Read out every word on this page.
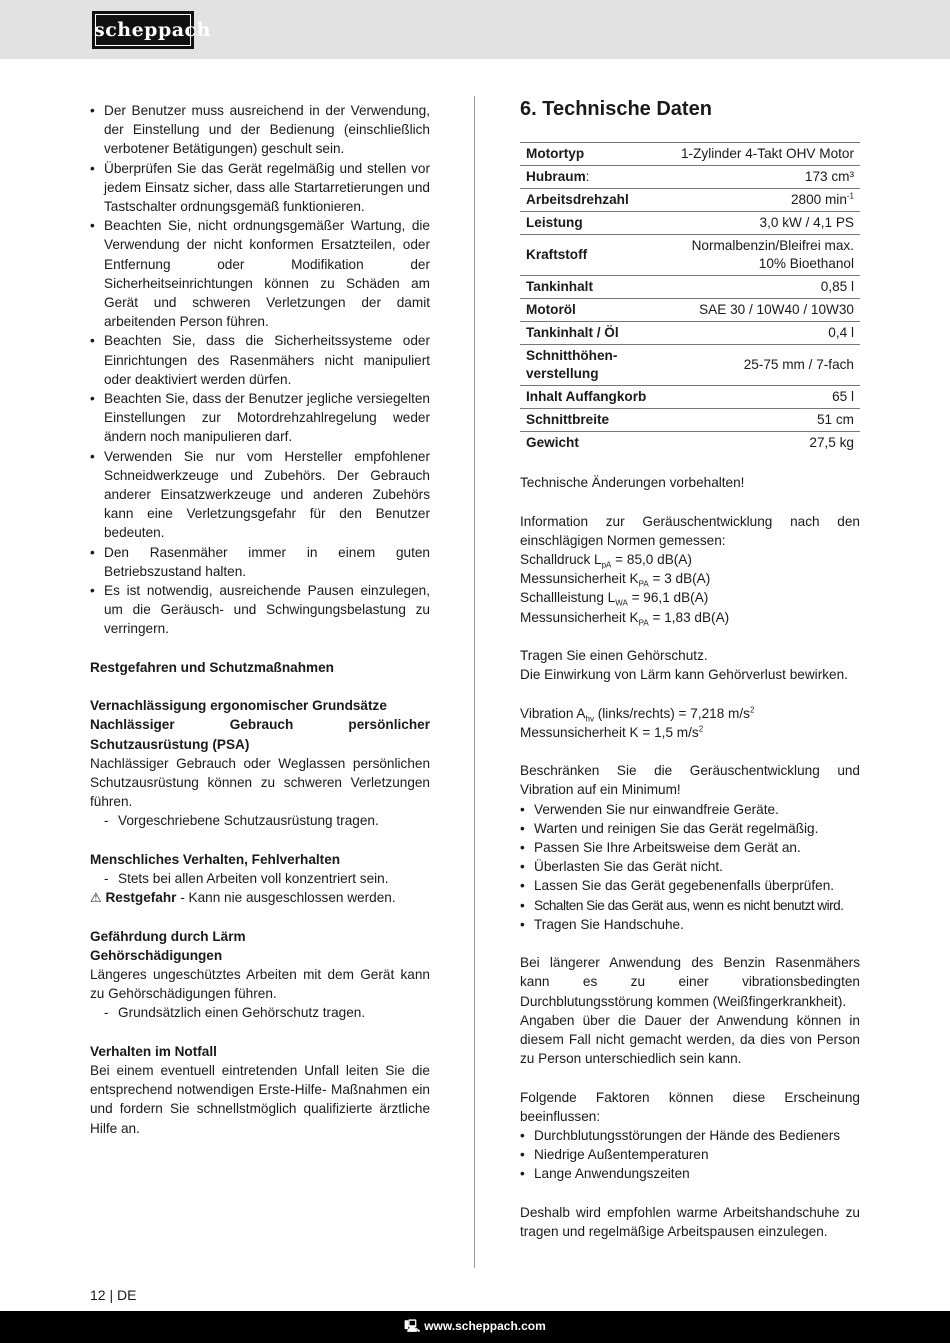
scheppach
• Der Benutzer muss ausreichend in der Verwendung, der Einstellung und der Bedienung (einschließlich verbotener Betätigungen) geschult sein.
• Überprüfen Sie das Gerät regelmäßig und stellen vor jedem Einsatz sicher, dass alle Startarretierungen und Tastschalter ordnungsgemäß funktionieren.
• Beachten Sie, nicht ordnungsgemäßer Wartung, die Verwendung der nicht konformen Ersatzteilen, oder Entfernung oder Modifikation der Sicherheitseinrichtungen können zu Schäden am Gerät und schweren Verletzungen der damit arbeitenden Person führen.
• Beachten Sie, dass die Sicherheitssysteme oder Einrichtungen des Rasenmähers nicht manipuliert oder deaktiviert werden dürfen.
• Beachten Sie, dass der Benutzer jegliche versiegelten Einstellungen zur Motordrehzahlregelung weder ändern noch manipulieren darf.
• Verwenden Sie nur vom Hersteller empfohlener Schneidwerkzeuge und Zubehörs. Der Gebrauch anderer Einsatzwerkzeuge und anderen Zubehörs kann eine Verletzungsgefahr für den Benutzer bedeuten.
• Den Rasenmäher immer in einem guten Betriebszustand halten.
• Es ist notwendig, ausreichende Pausen einzulegen, um die Geräusch- und Schwingungsbelastung zu verringern.

Restgefahren und Schutzmaßnahmen

Vernachlässigung ergonomischer Grundsätze

Nachlässiger Gebrauch persönlicher Schutzausrüstung (PSA)

Nachlässiger Gebrauch oder Weglassen persönlichen Schutzausrüstung können zu schweren Verletzungen führen.

- Vorgeschriebene Schutzausrüstung tragen.

Menschliches Verhalten, Fehlverhalten

- Stets bei allen Arbeiten voll konzentriert sein.

⚠ Restgefahr - Kann nie ausgeschlossen werden.

Gefährdung durch Lärm

Gehörschädigungen

Längeres ungeschütztes Arbeiten mit dem Gerät kann zu Gehörschädigungen führen.

- Grundsätzlich einen Gehörschutz tragen.

Verhalten im Notfall

Bei einem eventuell eintretenden Unfall leiten Sie die entsprechend notwendigen Erste-Hilfe- Maßnahmen ein und fordern Sie schnellstmöglich qualifizierte ärztliche Hilfe an.

6. Technische Daten

Motortyp	1-Zylinder 4-Takt OHV Motor
Hubraum:	173 cm³
Arbeitsdrehzahl	2800 $\min^{-1}$
Leistung	3,0 kW / 4,1 PS
Kraftstoff	Normalbenzin/Bleifrei max.
10% Bioethanol
Tankinhalt	0,85 l
Motoröl	SAE 30 / 10W40 / 10W30
Tankinhalt / Öl	0,4 l
Schnitthöhen-
verstellung	25-75 mm / 7-fach
Inhalt Auffangkorb	65 l
Schnittbreite	51 cm
Gewicht	27,5 kg

Technische Änderungen vorbehalten!

Information zur Geräuschentwicklung nach den einschlägigen Normen gemessen:

Schalldruck $L_{pA} = 85,0$ dB(A)

Messunsicherheit $K_{PA} = 3$ dB(A)

Schallleistung $L_{WA} = 96,1$ dB(A)

Messunsicherheit $K_{PA} = 1,83$ dB(A)

Tragen Sie einen Gehörschutz.

Die Einwirkung von Lärm kann Gehörverlust bewirken.

Vibration $A_{hv}$ (links/rechts) = 7,218 $m/s^2$

Messunsicherheit K = 1,5 $m/s^2$

Beschränken Sie die Geräuschentwicklung und Vibration auf ein Minimum!

• Verwenden Sie nur einwandfreie Geräte.
• Warten und reinigen Sie das Gerät regelmäßig.
• Passen Sie Ihre Arbeitsweise dem Gerät an.
• Überlasten Sie das Gerät nicht.
• Lassen Sie das Gerät gegebenenfalls überprüfen.
• Schalten Sie das Gerät aus, wenn es nicht benutzt wird.
• Tragen Sie Handschuhe.

Bei längerer Anwendung des Benzin Rasenmähers kann es zu einer vibrationsbedingten Durchblutungsstörung kommen (Weißfingerkrankheit).

Angaben über die Dauer der Anwendung können in diesem Fall nicht gemacht werden, da dies von Person zu Person unterschiedlich sein kann.

Folgende Faktoren können diese Erscheinung beeinflussen:

• Durchblutungsstörungen der Hände des Bedieners
• Niedrige Außentemperaturen
• Lange Anwendungszeiten

Deshalb wird empfohlen warme Arbeitshandschuhe zu tragen und regelmäßige Arbeitspausen einzulegen.

12 | DE
🖳 www.scheppach.com
